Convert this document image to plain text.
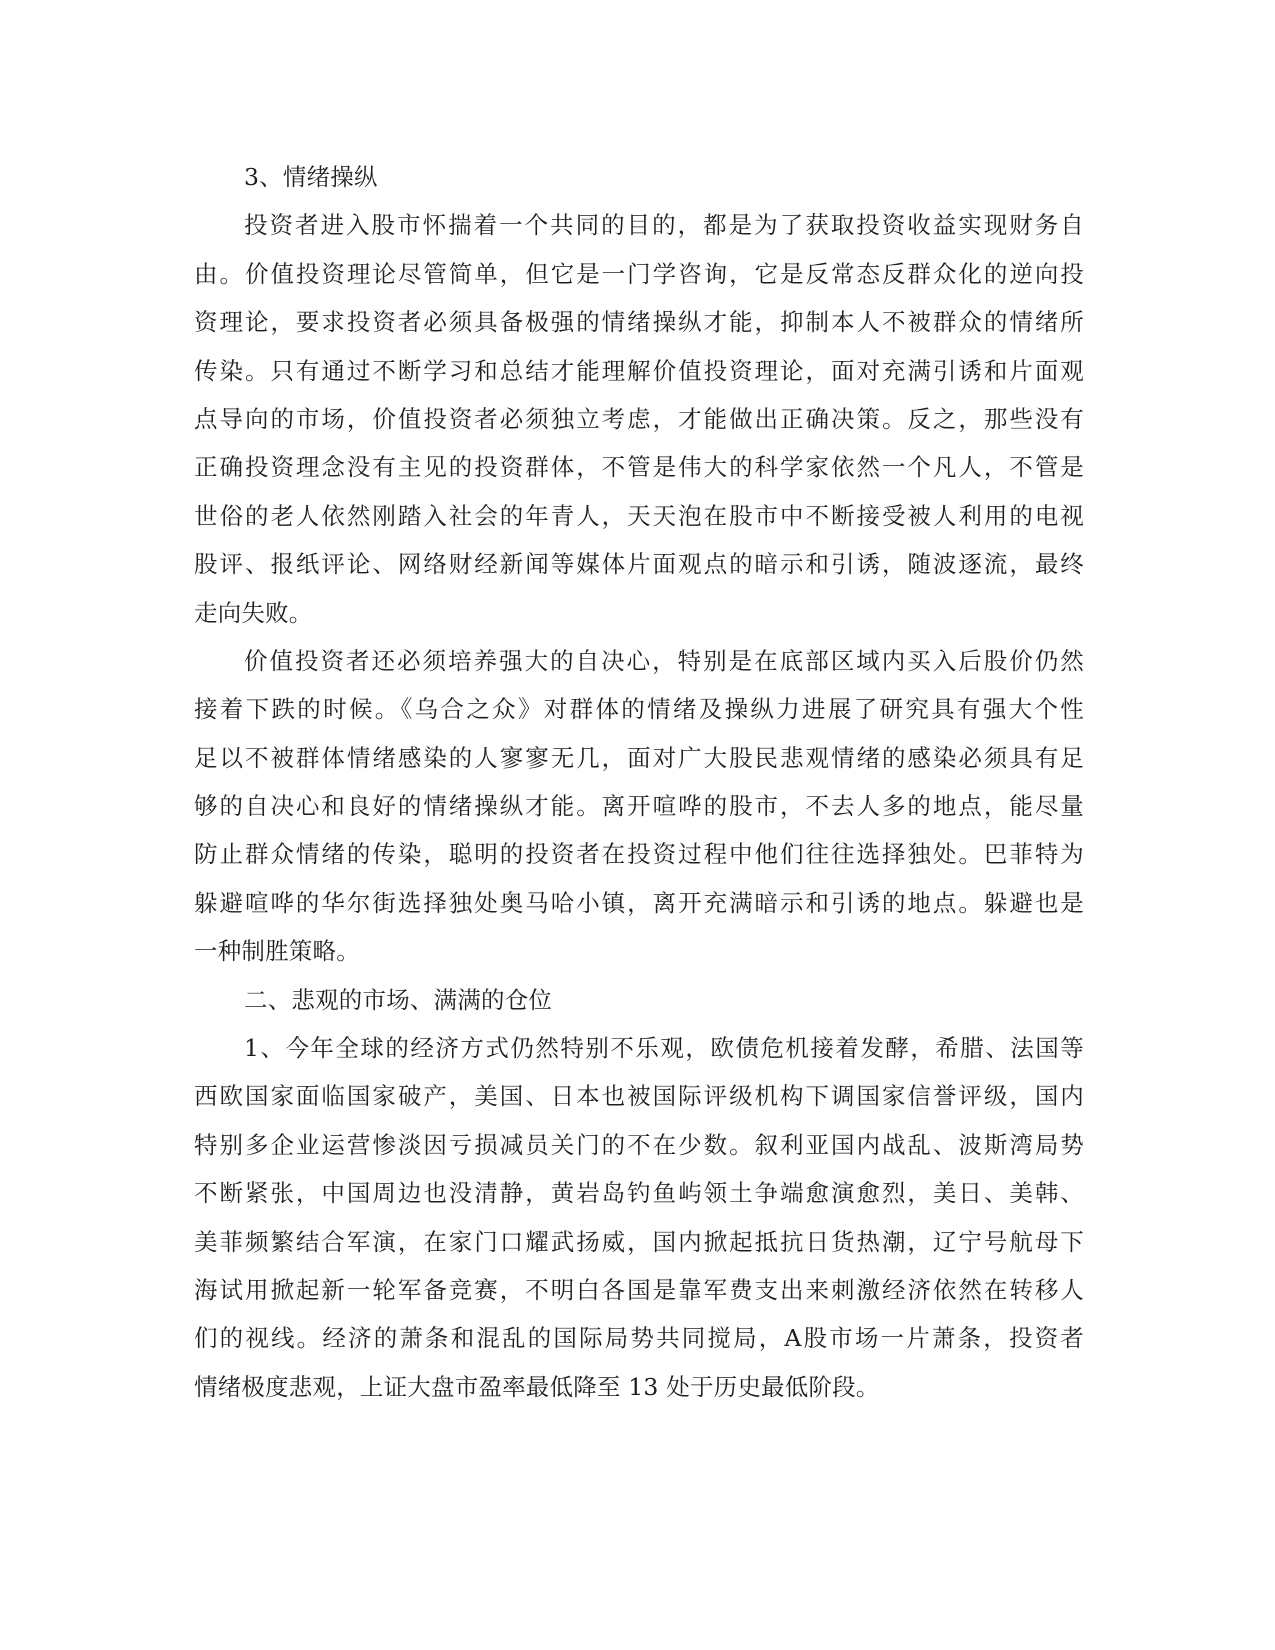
3、情绪操纵
投资者进入股市怀揣着一个共同的目的，都是为了获取投资收益实现财务自
由。价值投资理论尽管简单，但它是一门学咨询，它是反常态反群众化的逆向投
资理论，要求投资者必须具备极强的情绪操纵才能，抑制本人不被群众的情绪所
传染。只有通过不断学习和总结才能理解价值投资理论，面对充满引诱和片面观
点导向的市场，价值投资者必须独立考虑，才能做出正确决策。反之，那些没有
正确投资理念没有主见的投资群体，不管是伟大的科学家依然一个凡人，不管是
世俗的老人依然刚踏入社会的年青人，天天泡在股市中不断接受被人利用的电视
股评、报纸评论、网络财经新闻等媒体片面观点的暗示和引诱，随波逐流，最终
走向失败。
价值投资者还必须培养强大的自决心，特别是在底部区域内买入后股价仍然
接着下跌的时候。《乌合之众》对群体的情绪及操纵力进展了研究具有强大个性
足以不被群体情绪感染的人寥寥无几，面对广大股民悲观情绪的感染必须具有足
够的自决心和良好的情绪操纵才能。离开喧哗的股市，不去人多的地点，能尽量
防止群众情绪的传染，聪明的投资者在投资过程中他们往往选择独处。巴菲特为
躲避喧哗的华尔街选择独处奥马哈小镇，离开充满暗示和引诱的地点。躲避也是
一种制胜策略。
二、悲观的市场、满满的仓位
1、今年全球的经济方式仍然特别不乐观，欧债危机接着发酵，希腊、法国等
西欧国家面临国家破产，美国、日本也被国际评级机构下调国家信誉评级，国内
特别多企业运营惨淡因亏损减员关门的不在少数。叙利亚国内战乱、波斯湾局势
不断紧张，中国周边也没清静，黄岩岛钓鱼屿领土争端愈演愈烈，美日、美韩、
美菲频繁结合军演，在家门口耀武扬威，国内掀起抵抗日货热潮，辽宁号航母下
海试用掀起新一轮军备竞赛，不明白各国是靠军费支出来刺激经济依然在转移人
们的视线。经济的萧条和混乱的国际局势共同搅局，A股市场一片萧条，投资者
情绪极度悲观，上证大盘市盈率最低降至 13 处于历史最低阶段。
